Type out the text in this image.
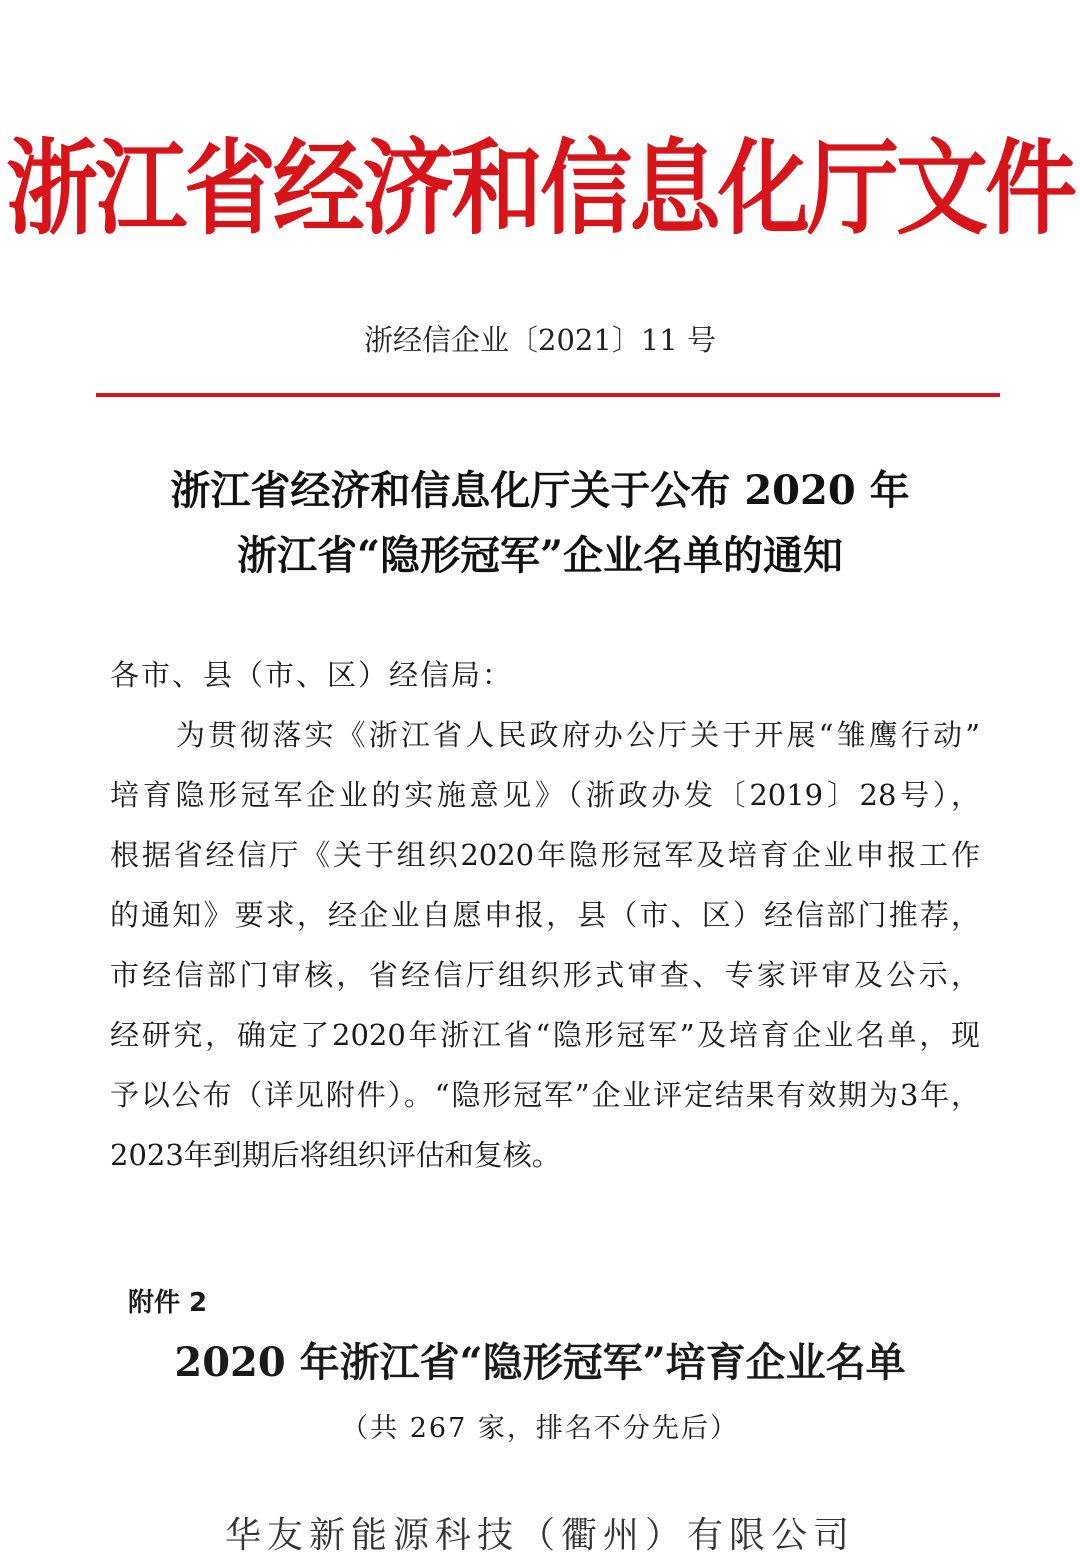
浙江省经济和信息化厅文件
浙经信企业〔2021〕11 号
浙江省经济和信息化厅关于公布 2020 年
浙江省“隐形冠军”企业名单的通知
各市、县（市、区）经信局：
为贯彻落实《浙江省人民政府办公厅关于开展“雏鹰行动”
培育隐形冠军企业的实施意见》（浙政办发〔2019〕28号），
根据省经信厅《关于组织2020年隐形冠军及培育企业申报工作
的通知》要求，经企业自愿申报，县（市、区）经信部门推荐，
市经信部门审核，省经信厅组织形式审查、专家评审及公示，
经研究，确定了2020年浙江省“隐形冠军”及培育企业名单，现
予以公布（详见附件）。“隐形冠军”企业评定结果有效期为3年，
2023年到期后将组织评估和复核。
附件 2
2020 年浙江省“隐形冠军”培育企业名单
（共 267 家，排名不分先后）
华友新能源科技（衢州）有限公司
